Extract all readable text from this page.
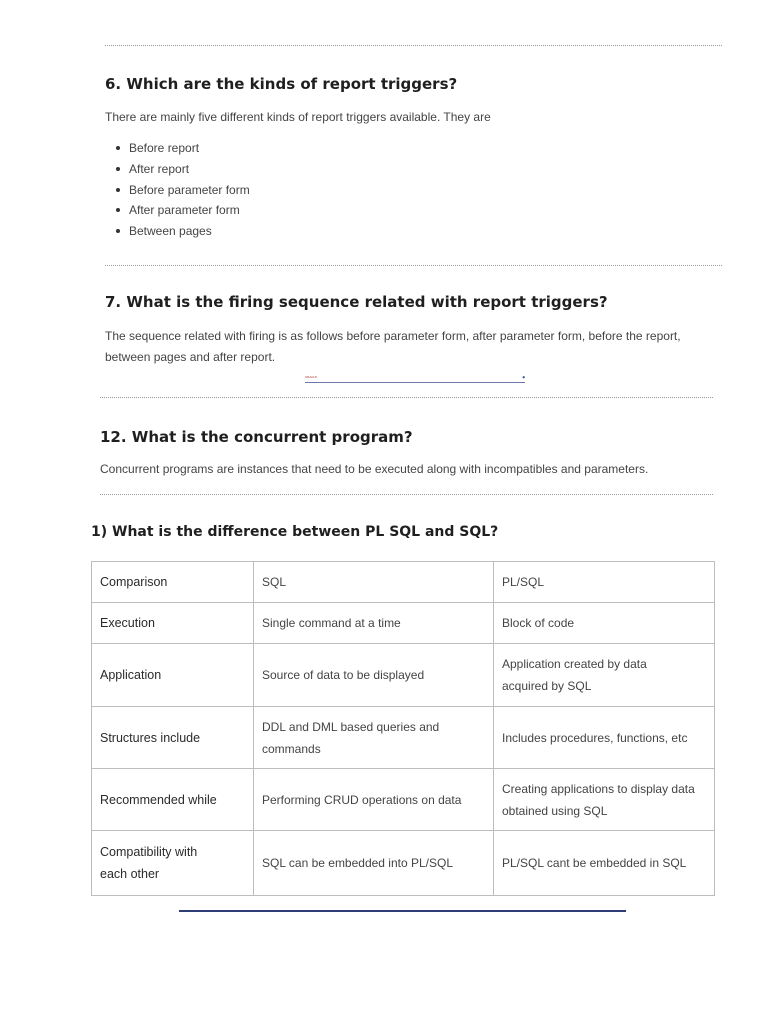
6. Which are the kinds of report triggers?

There are mainly five different kinds of report triggers available. They are

Before report
After report
Before parameter form
After parameter form
Between pages
7. What is the firing sequence related with report triggers?

The sequence related with firing is as follows before parameter form, after parameter form, before the report,

between pages and after report.

ORACLE	●
12. What is the concurrent program?

Concurrent programs are instances that need to be executed along with incompatibles and parameters.

1) What is the difference between PL SQL and SQL?
Comparison	SQL	PL/SQL
Execution	Single command at a time	Block of code
Application	Source of data to be displayed	Application created by data
acquired by SQL
Structures include	DDL and DML based queries and
commands	Includes procedures, functions, etc
Recommended while	Performing CRUD operations on data	Creating applications to display data
obtained using SQL
Compatibility with
each other	SQL can be embedded into PL/SQL	PL/SQL cant be embedded in SQL
